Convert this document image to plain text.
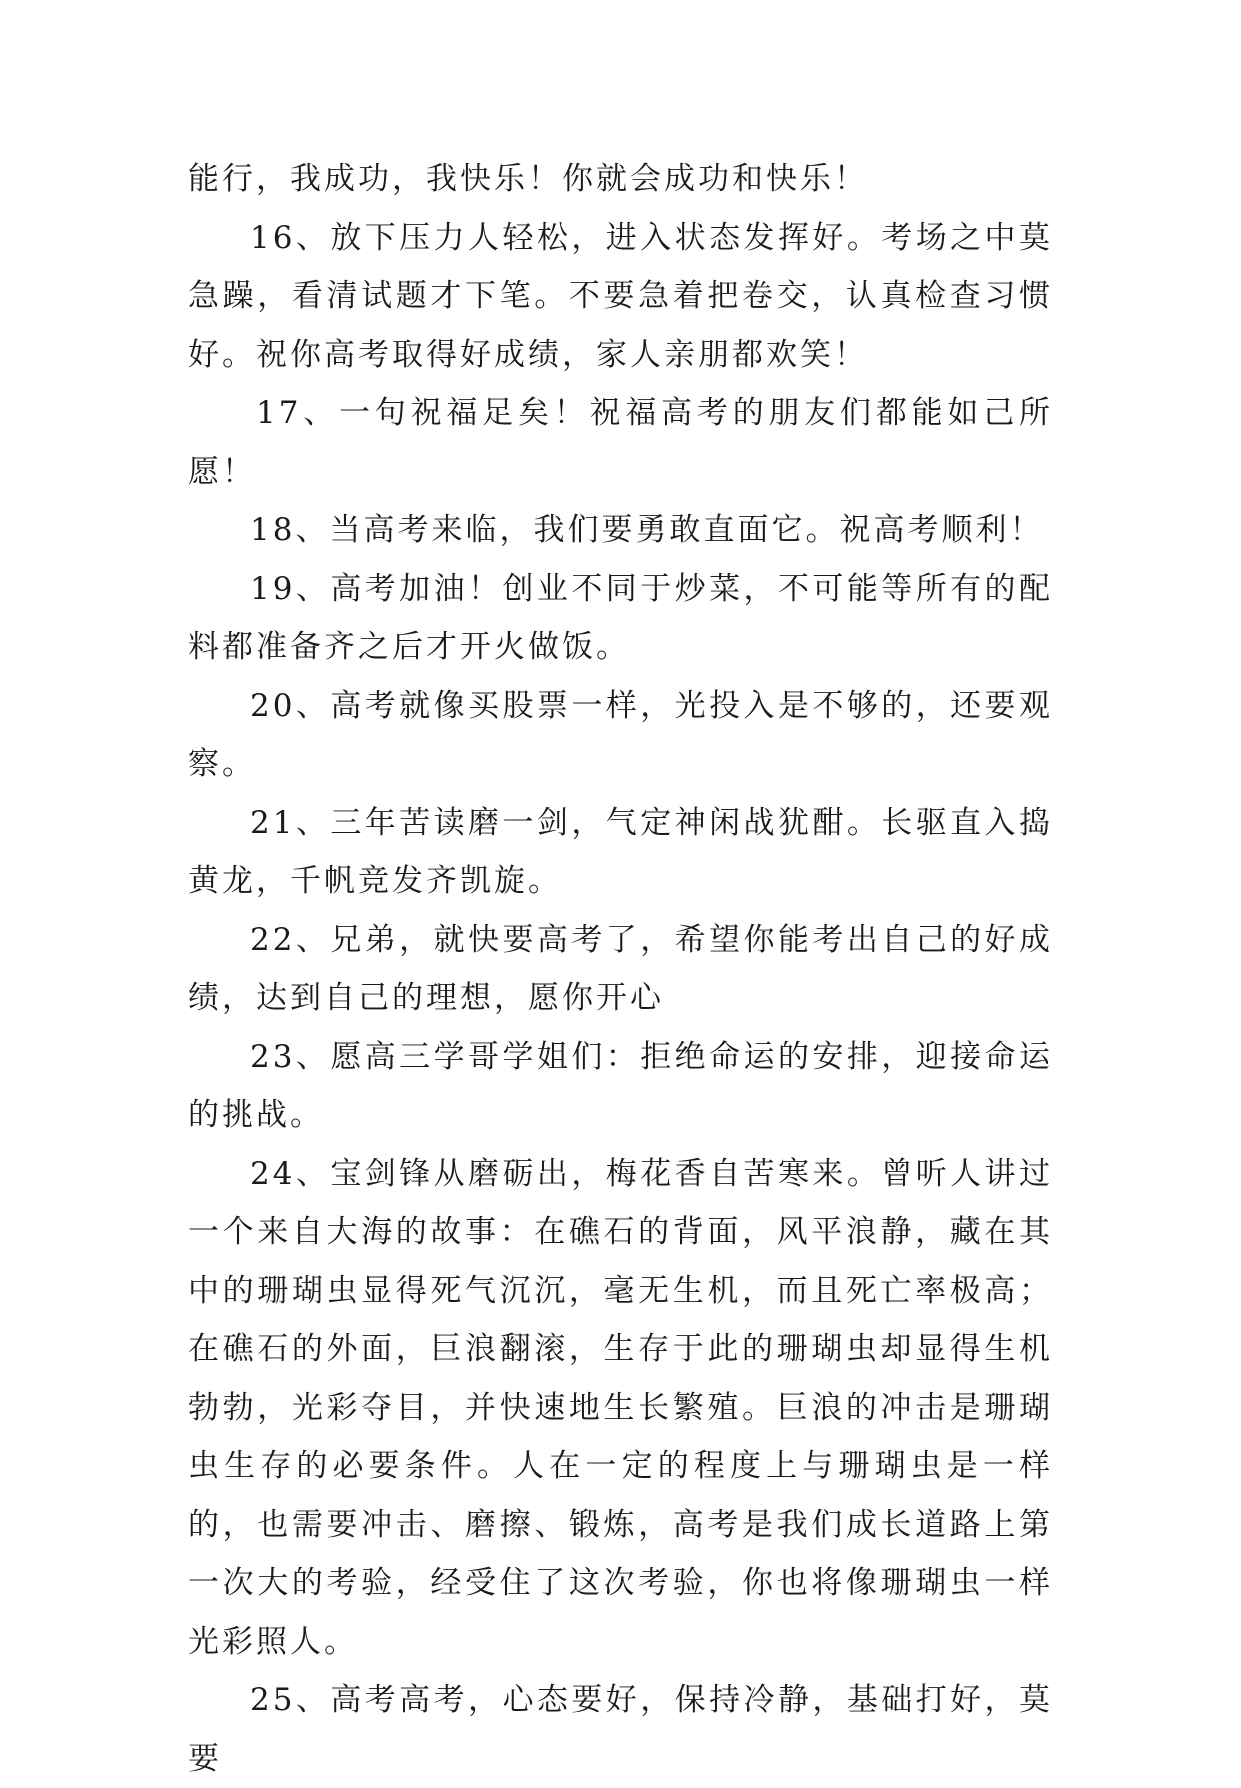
能行，我成功，我快乐！你就会成功和快乐！

16、放下压力人轻松，进入状态发挥好。考场之中莫急躁，看清试题才下笔。不要急着把卷交，认真检查习惯好。祝你高考取得好成绩，家人亲朋都欢笑！

17、一句祝福足矣！祝福高考的朋友们都能如己所愿！

18、当高考来临，我们要勇敢直面它。祝高考顺利！

19、高考加油！创业不同于炒菜，不可能等所有的配料都准备齐之后才开火做饭。

20、高考就像买股票一样，光投入是不够的，还要观察。

21、三年苦读磨一剑，气定神闲战犹酣。长驱直入捣黄龙，千帆竞发齐凯旋。

22、兄弟，就快要高考了，希望你能考出自己的好成绩，达到自己的理想，愿你开心

23、愿高三学哥学姐们：拒绝命运的安排，迎接命运的挑战。

24、宝剑锋从磨砺出，梅花香自苦寒来。曾听人讲过一个来自大海的故事：在礁石的背面，风平浪静，藏在其中的珊瑚虫显得死气沉沉，毫无生机，而且死亡率极高；在礁石的外面，巨浪翻滚，生存于此的珊瑚虫却显得生机勃勃，光彩夺目，并快速地生长繁殖。巨浪的冲击是珊瑚虫生存的必要条件。人在一定的程度上与珊瑚虫是一样的，也需要冲击、磨擦、锻炼，高考是我们成长道路上第一次大的考验，经受住了这次考验，你也将像珊瑚虫一样光彩照人。

25、高考高考，心态要好，保持冷静，基础打好，莫要
